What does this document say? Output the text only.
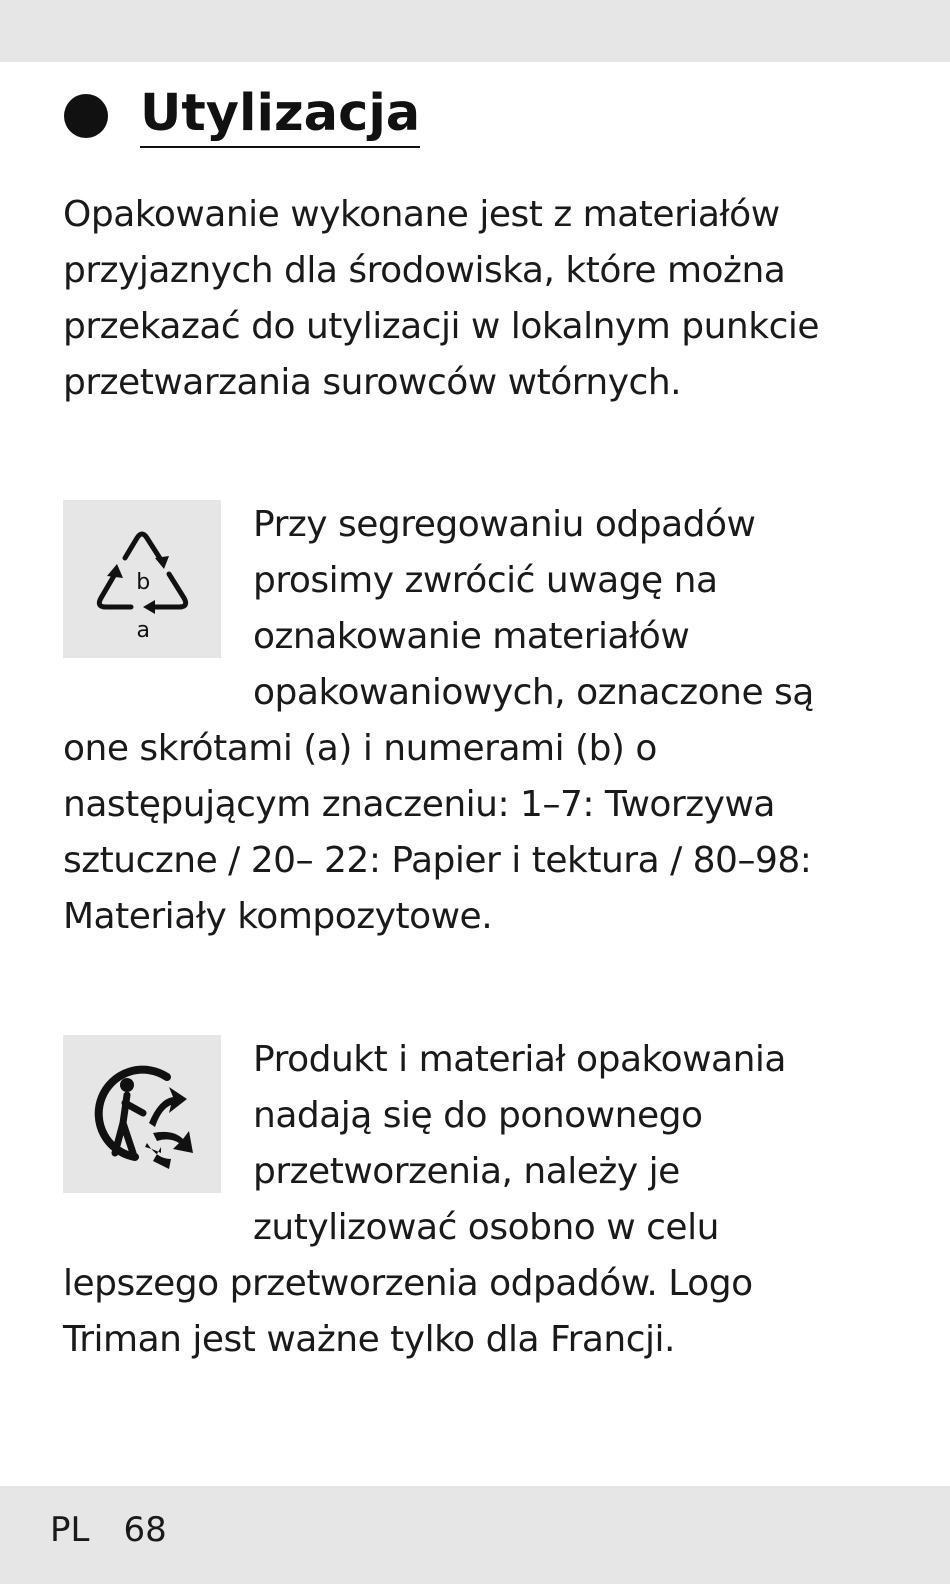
Utylizacja

Opakowanie wykonane jest z materiałów przyjaznych dla środowiska, które można przekazać do utylizacji w lokalnym punkcie przetwarzania surowców wtórnych.

b
a
Przy segregowaniu odpadów prosimy zwrócić uwagę na oznakowanie materiałów opakowaniowych, oznaczone są one skrótami (a) i numerami (b) o następującym znaczeniu: 1–7: Tworzywa sztuczne / 20– 22: Papier i tektura / 80–98: Materiały kompozytowe.
Produkt i materiał opakowania nadają się do ponownego przetworzenia, należy je zutylizować osobno w celu lepszego przetworzenia odpadów. Logo Triman jest ważne tylko dla Francji.
PL 68
